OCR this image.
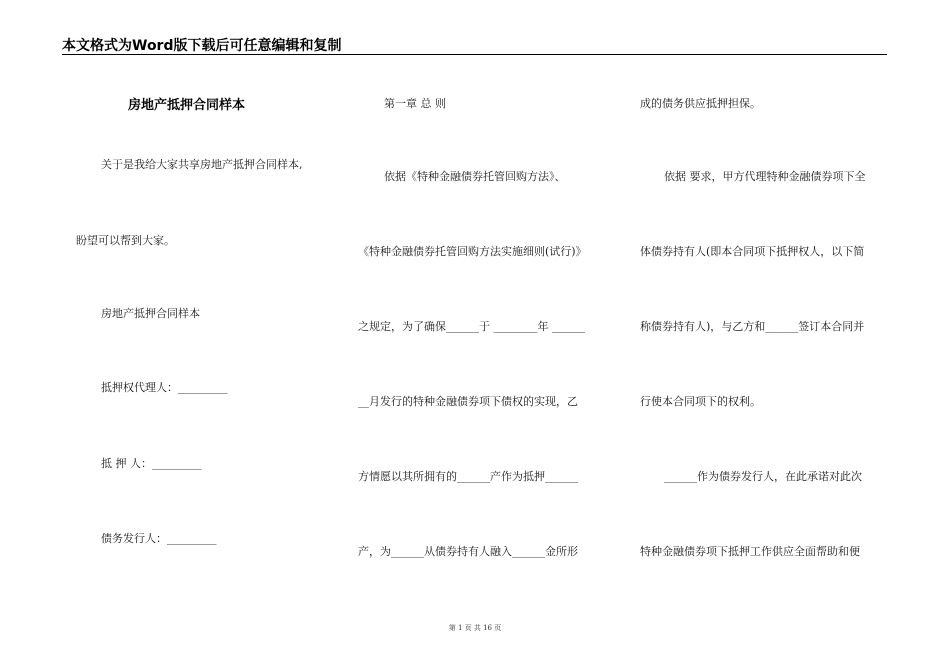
本文格式为Word版下载后可任意编辑和复制
房地产抵押合同样本
关于是我给大家共享房地产抵押合同样本,
盼望可以帮到大家。
房地产抵押合同样本
抵押权代理人：_________
抵 押 人：_________
债务发行人：_________
第一章 总 则
依据《特种金融债券托管回购方法》、
《特种金融债券托管回购方法实施细则(试行)》
之规定，为了确保______于 ________年 ______
__月发行的特种金融债券项下债权的实现，乙
方情愿以其所拥有的______产作为抵押______
产，为______从债券持有人融入______金所形
成的债务供应抵押担保。
依据 要求，甲方代理特种金融债券项下全
体债券持有人(即本合同项下抵押权人，以下简
称债券持有人)，与乙方和______签订本合同并
行使本合同项下的权利。
______作为债券发行人，在此承诺对此次
特种金融债券项下抵押工作供应全面帮助和便
第 1 页 共 16 页
